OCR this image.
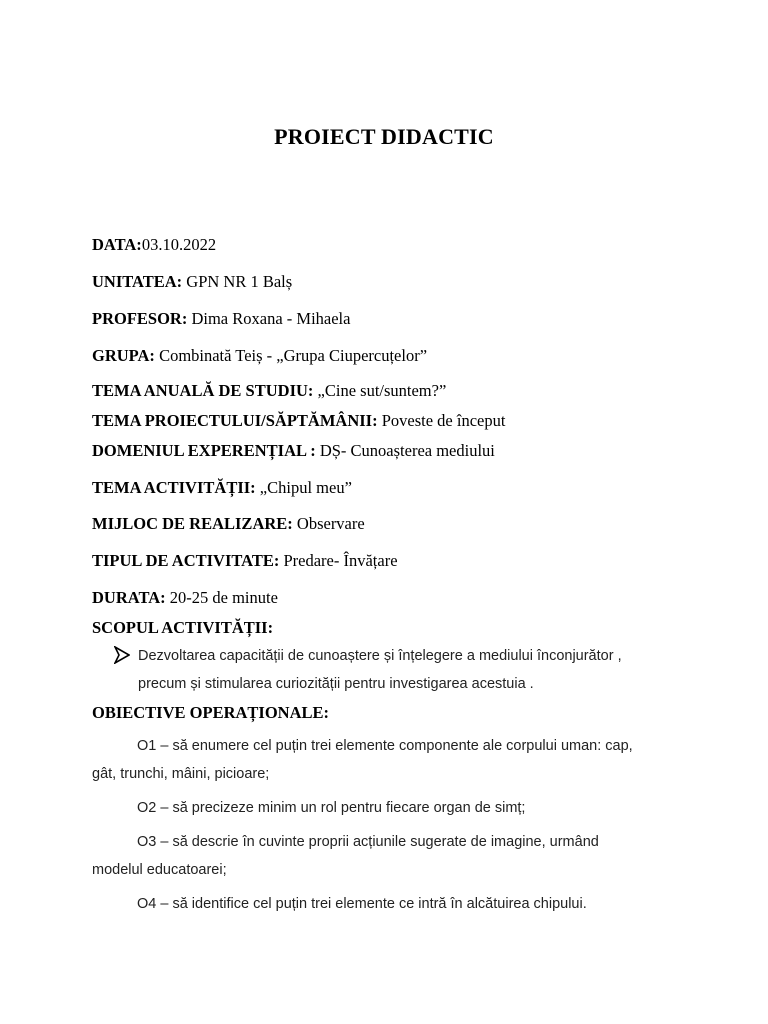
PROIECT DIDACTIC
DATA:03.10.2022
UNITATEA: GPN NR 1 Balș
PROFESOR: Dima Roxana - Mihaela
GRUPA: Combinată Teiș - „Grupa Ciupercuțelor”
TEMA ANUALĂ DE STUDIU: „Cine sut/suntem?”
TEMA PROIECTULUI/SĂPTĂMÂNII: Poveste de început
DOMENIUL EXPERENȚIAL : DȘ- Cunoașterea mediului
TEMA ACTIVITĂȚII: „Chipul meu”
MIJLOC DE REALIZARE: Observare
TIPUL DE ACTIVITATE: Predare- Învățare
DURATA: 20-25 de minute
SCOPUL ACTIVITĂȚII:
Dezvoltarea capacității de cunoaștere și înțelegere a mediului înconjurător ,
precum și stimularea curiozității pentru investigarea acestuia .
OBIECTIVE OPERAȚIONALE:
O1 – să enumere cel puțin trei elemente componente ale corpului uman: cap,
gât, trunchi, mâini, picioare;
O2 – să precizeze minim un rol pentru fiecare organ de simț;
O3 – să descrie în cuvinte proprii acțiunile sugerate de imagine, urmând
modelul educatoarei;
O4 – să identifice cel puțin trei elemente ce intră în alcătuirea chipului.
